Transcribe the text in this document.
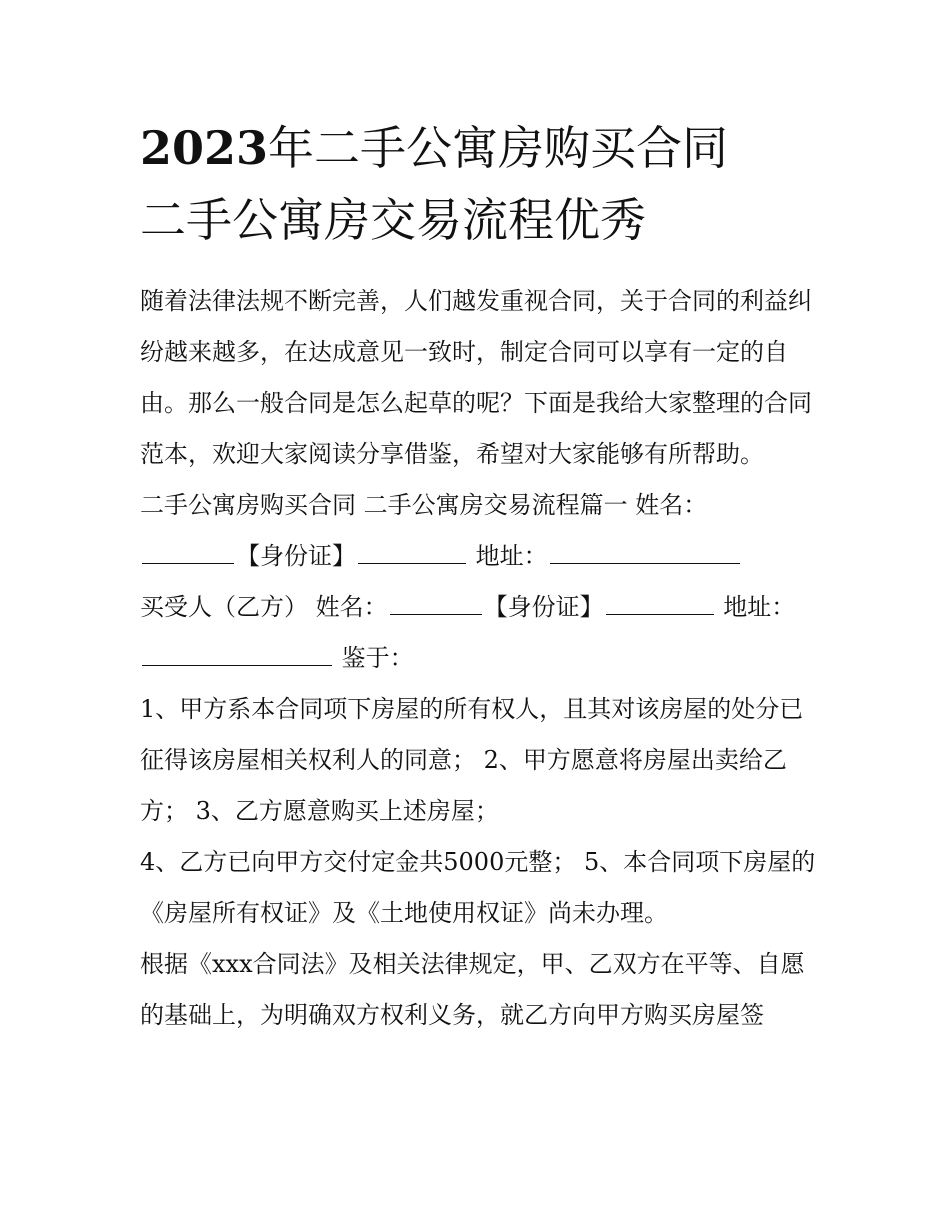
2023年二手公寓房购买合同
二手公寓房交易流程优秀

随着法律法规不断完善，人们越发重视合同，关于合同的利益纠纷越来越多，在达成意见一致时，制定合同可以享有一定的自由。那么一般合同是怎么起草的呢？下面是我给大家整理的合同范本，欢迎大家阅读分享借鉴，希望对大家能够有所帮助。

二手公寓房购买合同 二手公寓房交易流程篇一 姓名：
【身份证】	地址：

买受人（乙方） 姓名：	【身份证】	地址：
鉴于：

1、甲方系本合同项下房屋的所有权人，且其对该房屋的处分已征得该房屋相关权利人的同意； 2、甲方愿意将房屋出卖给乙方； 3、乙方愿意购买上述房屋；

4、乙方已向甲方交付定金共5000元整； 5、本合同项下房屋的《房屋所有权证》及《土地使用权证》尚未办理。

根据《xxx合同法》及相关法律规定，甲、乙双方在平等、自愿的基础上，为明确双方权利义务，就乙方向甲方购买房屋签
